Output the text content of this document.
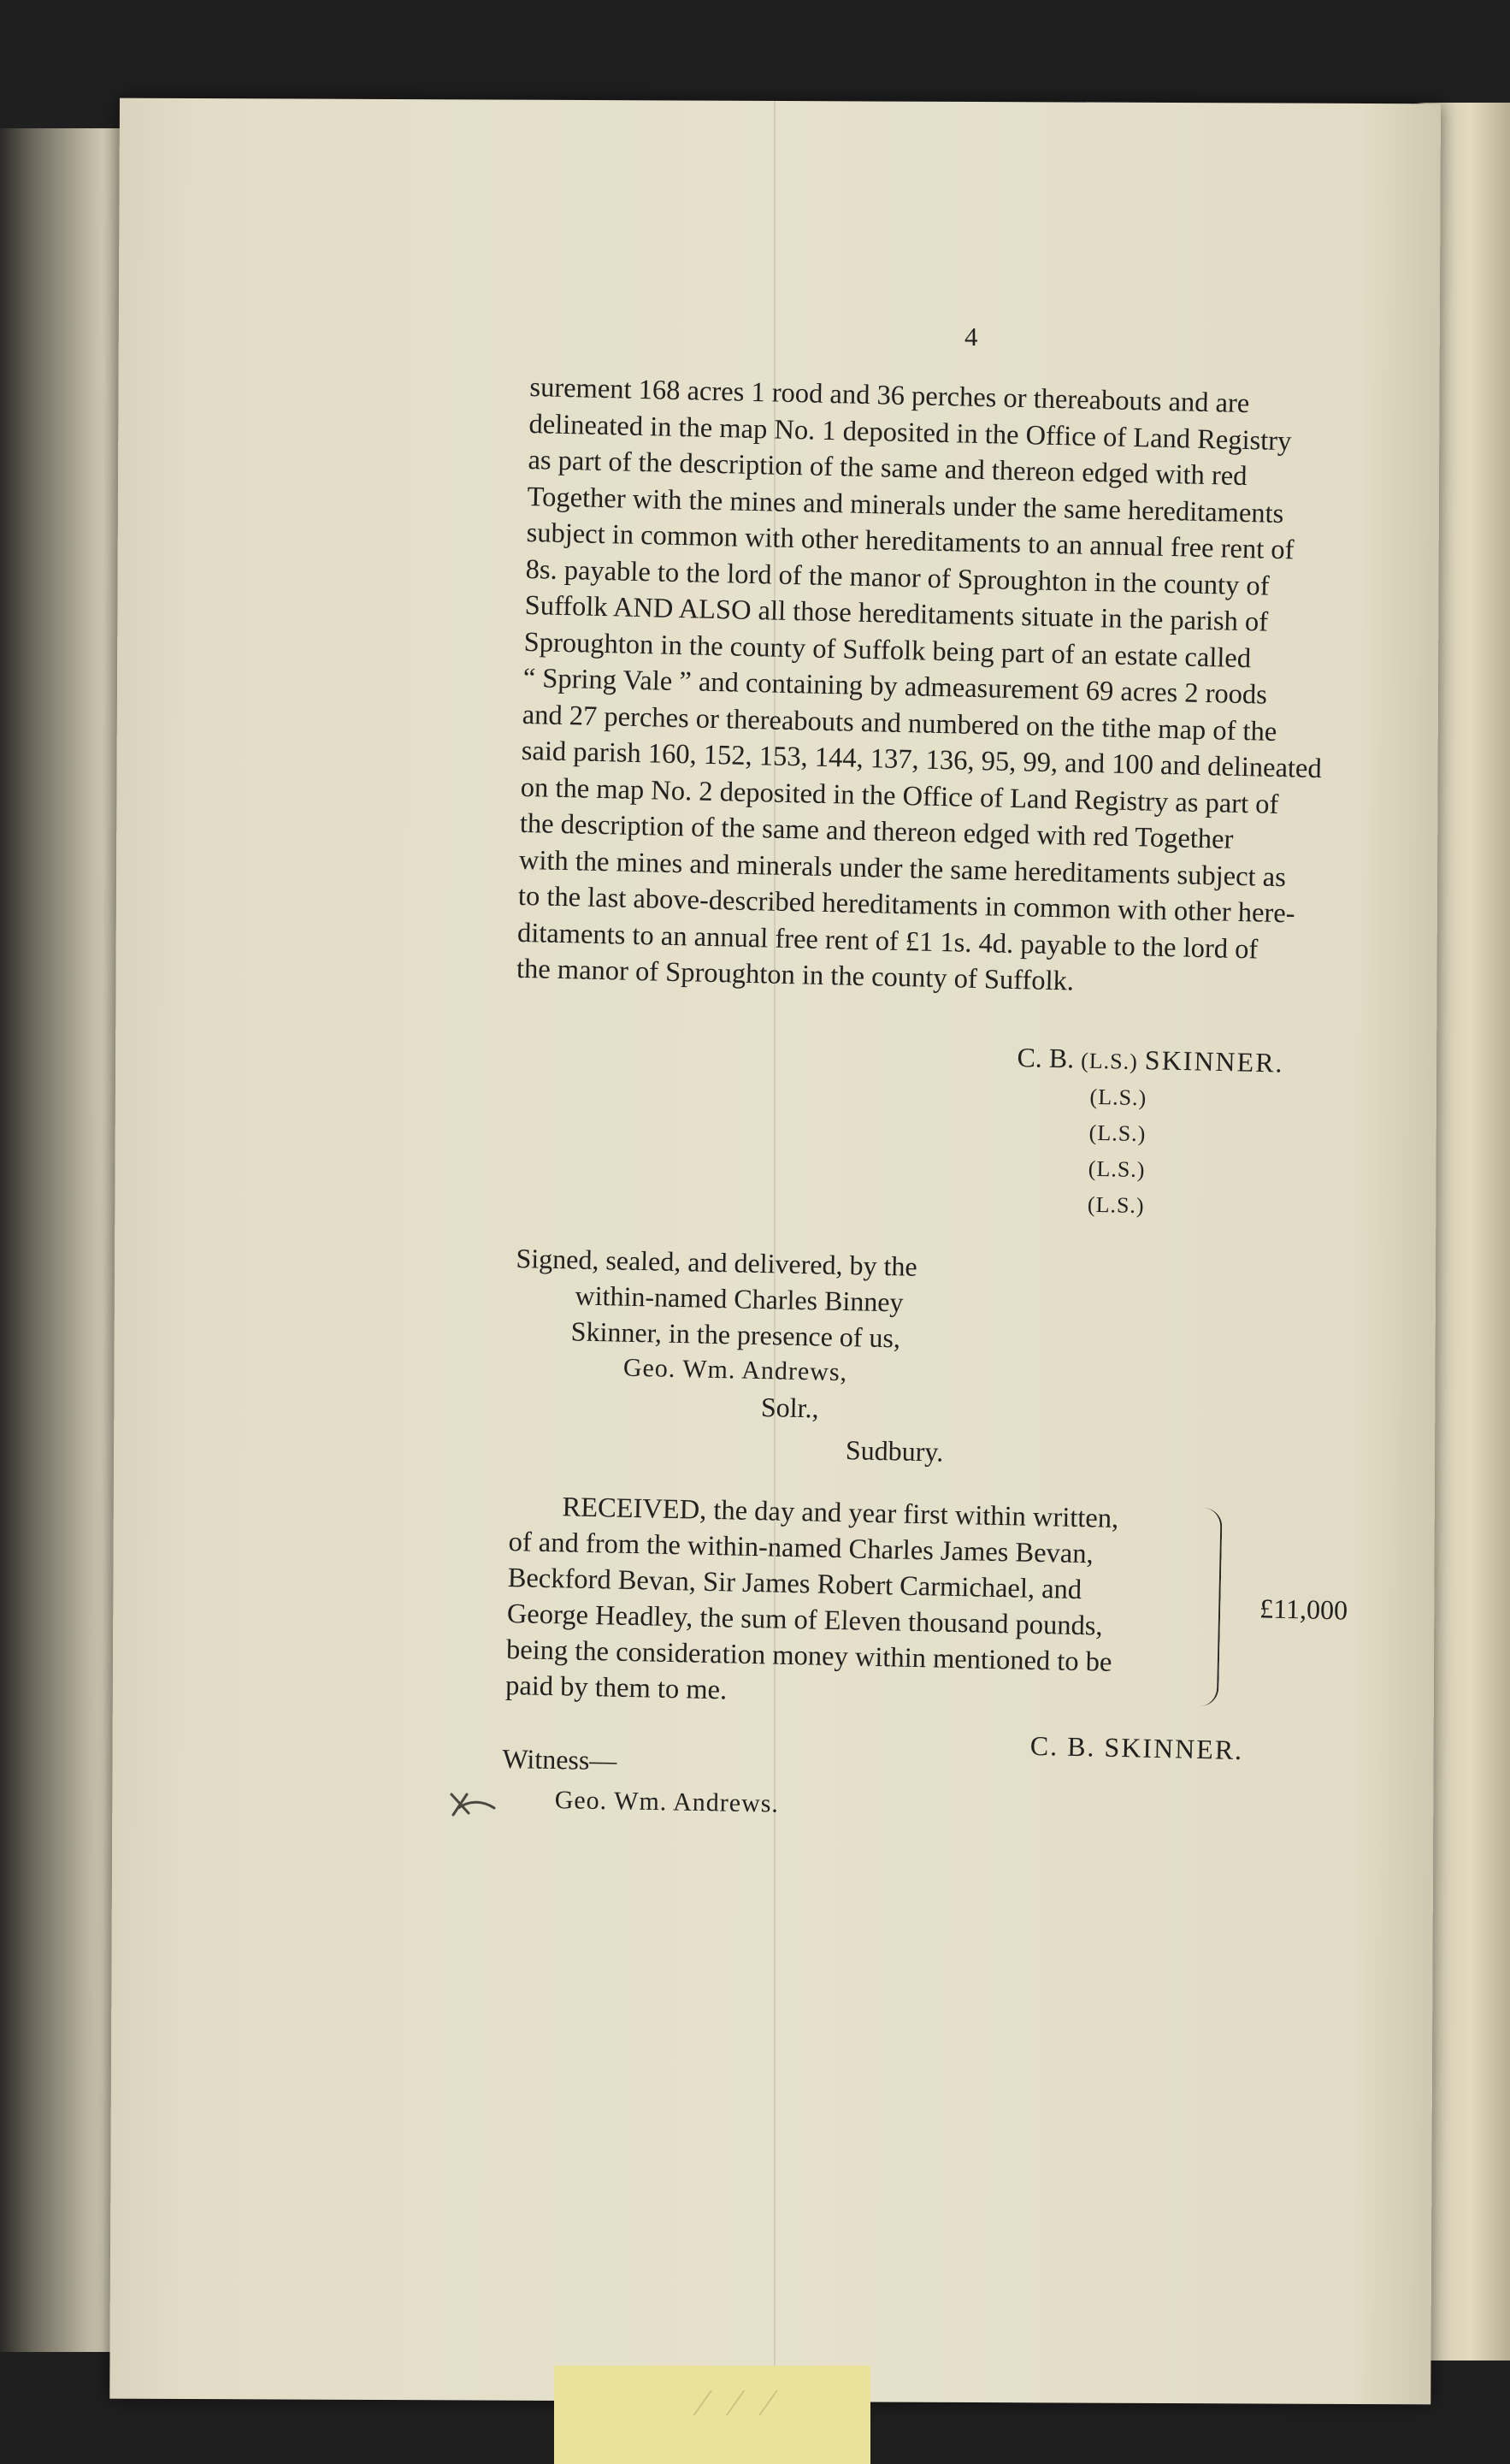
⁄ ⁄ ⁄
4

surement 168 acres 1 rood and 36 perches or thereabouts and are
delineated in the map No. 1 deposited in the Office of Land Registry
as part of the description of the same and thereon edged with red
Together with the mines and minerals under the same hereditaments
subject in common with other hereditaments to an annual free rent of
8s. payable to the lord of the manor of Sproughton in the county of
Suffolk AND ALSO all those hereditaments situate in the parish of
Sproughton in the county of Suffolk being part of an estate called
“ Spring Vale ” and containing by admeasurement 69 acres 2 roods
and 27 perches or thereabouts and numbered on the tithe map of the
said parish 160, 152, 153, 144, 137, 136, 95, 99, and 100 and delineated
on the map No. 2 deposited in the Office of Land Registry as part of
the description of the same and thereon edged with red Together
with the mines and minerals under the same hereditaments subject as
to the last above-described hereditaments in common with other here-
ditaments to an annual free rent of £1 1s. 4d. payable to the lord of
the manor of Sproughton in the county of Suffolk.

C. B. (L.S.) SKINNER.
(L.S.)
(L.S.)
(L.S.)
(L.S.)
Signed, sealed, and delivered, by the
within-named Charles Binney
Skinner, in the presence of us,
Geo. Wm. Andrews,
Solr.,
Sudbury.

RECEIVED, the day and year first within written,
of and from the within-named Charles James Bevan,
Beckford Bevan, Sir James Robert Carmichael, and
George Headley, the sum of Eleven thousand pounds,
being the consideration money within mentioned to be
paid by them to me.

£11,000
C. B. SKINNER.
Witness—
Geo. Wm. Andrews.
